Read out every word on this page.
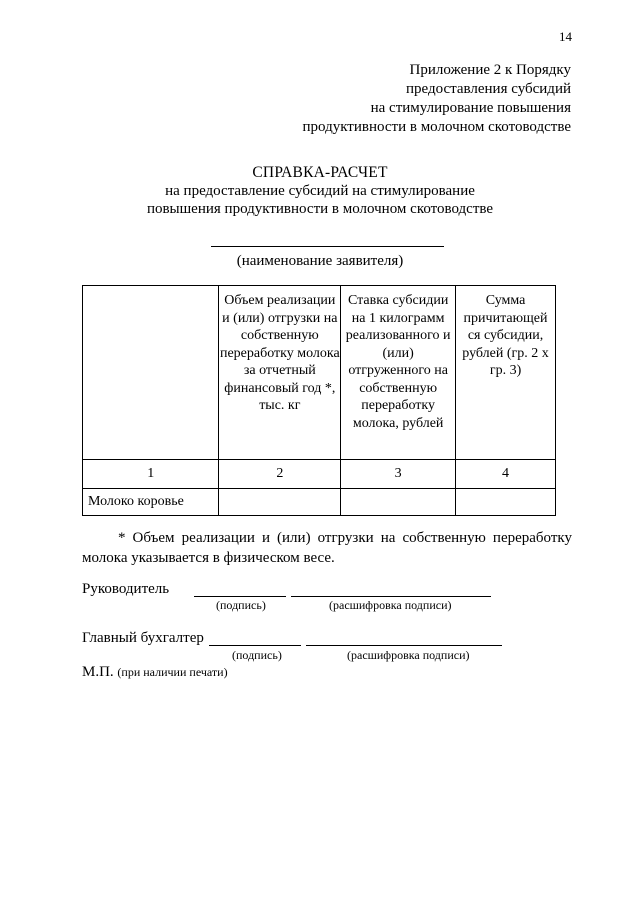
14
Приложение 2 к Порядку
предоставления субсидий
на стимулирование повышения
продуктивности в молочном скотоводстве
СПРАВКА-РАСЧЕТ
на предоставление субсидий на стимулирование
повышения продуктивности в молочном скотоводстве
(наименование заявителя)
	Объем реализации и (или) отгрузки на собственную переработку молока за отчетный финансовый год *, тыс. кг	Ставка субсидии на 1 килограмм реализованного и (или) отгруженного на собственную переработку молока, рублей	Сумма причитающей ся субсидии, рублей (гр. 2 х гр. 3)
1	2	3	4
Молоко коровье			
* Объем реализации и (или) отгрузки на собственную переработку молока указывается в физическом весе.
Руководитель
(подпись)	(расшифровка подписи)
Главный бухгалтер
(подпись)	(расшифровка подписи)
М.П. (при наличии печати)
